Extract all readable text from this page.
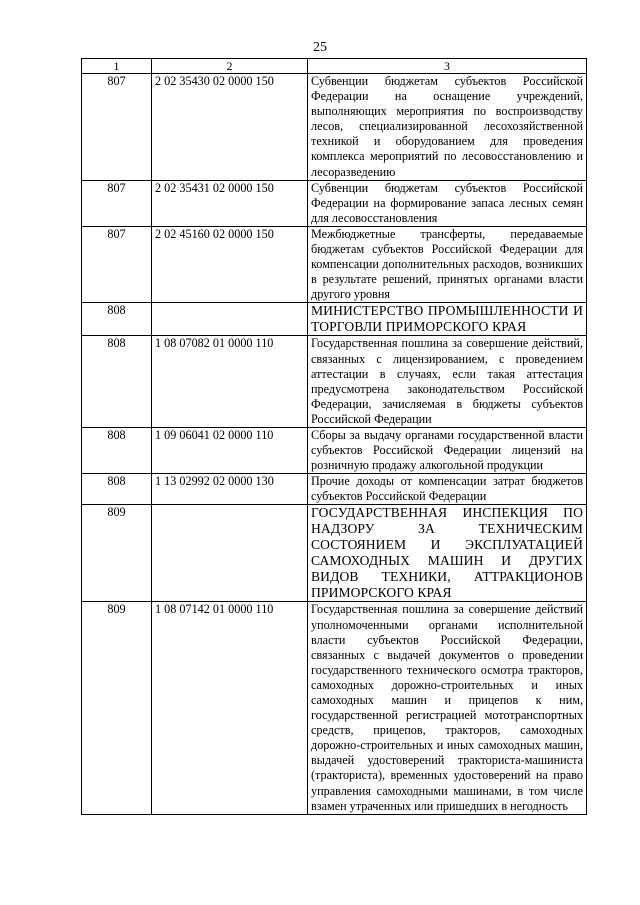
25
1	2	3
807	2 02 35430 02 0000 150	Субвенции бюджетам субъектов Российской Федерации на оснащение учреждений, выполняющих мероприятия по воспроизводству лесов, специализированной лесохозяйственной техникой и оборудованием для проведения комплекса мероприятий по лесовосстановлению и лесоразведению
807	2 02 35431 02 0000 150	Субвенции бюджетам субъектов Российской Федерации на формирование запаса лесных семян для лесовосстановления
807	2 02 45160 02 0000 150	Межбюджетные трансферты, передаваемые бюджетам субъектов Российской Федерации для компенсации дополнительных расходов, возникших в результате решений, принятых органами власти другого уровня
808		МИНИСТЕРСТВО ПРОМЫШЛЕННОСТИ И ТОРГОВЛИ ПРИМОРСКОГО КРАЯ
808	1 08 07082 01 0000 110	Государственная пошлина за совершение действий, связанных с лицензированием, с проведением аттестации в случаях, если такая аттестация предусмотрена законодательством Российской Федерации, зачисляемая в бюджеты субъектов Российской Федерации
808	1 09 06041 02 0000 110	Сборы за выдачу органами государственной власти субъектов Российской Федерации лицензий на розничную продажу алкогольной продукции
808	1 13 02992 02 0000 130	Прочие доходы от компенсации затрат бюджетов субъектов Российской Федерации
809		ГОСУДАРСТВЕННАЯ ИНСПЕКЦИЯ ПО НАДЗОРУ ЗА ТЕХНИЧЕСКИМ СОСТОЯНИЕМ И ЭКСПЛУАТАЦИЕЙ САМОХОДНЫХ МАШИН И ДРУГИХ ВИДОВ ТЕХНИКИ, АТТРАКЦИОНОВ ПРИМОРСКОГО КРАЯ
809	1 08 07142 01 0000 110	Государственная пошлина за совершение действий уполномоченными органами исполнительной власти субъектов Российской Федерации, связанных с выдачей документов о проведении государственного технического осмотра тракторов, самоходных дорожно-строительных и иных самоходных машин и прицепов к ним, государственной регистрацией мототранспортных средств, прицепов, тракторов, самоходных дорожно-строительных и иных самоходных машин, выдачей удостоверений тракториста-машиниста (тракториста), временных удостоверений на право управления самоходными машинами, в том числе взамен утраченных или пришедших в негодность
